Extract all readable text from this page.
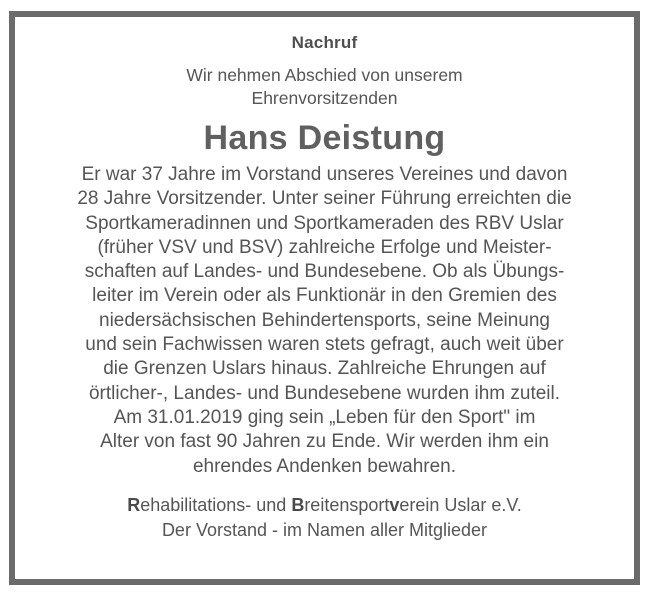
Nachruf
Wir nehmen Abschied von unserem
Ehrenvorsitzenden
Hans Deistung
Er war 37 Jahre im Vorstand unseres Vereines und davon
28 Jahre Vorsitzender. Unter seiner Führung erreichten die
Sportkameradinnen und Sportkameraden des RBV Uslar
(früher VSV und BSV) zahlreiche Erfolge und Meister-
schaften auf Landes- und Bundesebene. Ob als Übungs-
leiter im Verein oder als Funktionär in den Gremien des
niedersächsischen Behindertensports, seine Meinung
und sein Fachwissen waren stets gefragt, auch weit über
die Grenzen Uslars hinaus. Zahlreiche Ehrungen auf
örtlicher-, Landes- und Bundesebene wurden ihm zuteil.
Am 31.01.2019 ging sein „Leben für den Sport" im
Alter von fast 90 Jahren zu Ende. Wir werden ihm ein
ehrendes Andenken bewahren.
Rehabilitations- und Breitensportverein Uslar e.V.
Der Vorstand - im Namen aller Mitglieder
